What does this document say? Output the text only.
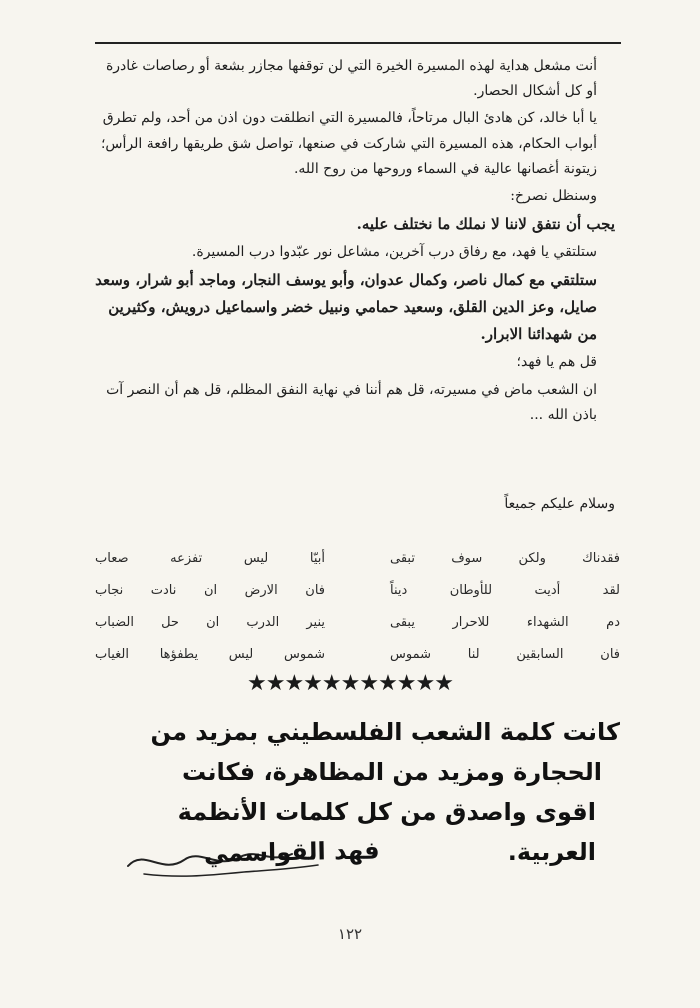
أنت مشعل هداية لهذه المسيرة الخيرة التي لن توقفها مجازر بشعة أو رصاصات غادرة أو كل أشكال الحصار.

يا أبا خالد، كن هادئ البال مرتاحاً، فالمسيرة التي انطلقت دون اذن من أحد، ولم تطرق أبواب الحكام، هذه المسيرة التي شاركت في صنعها، تواصل شق طريقها رافعة الرأس؛ زيتونة أغصانها عالية في السماء وروحها من روح الله.

وسنظل نصرخ:

يجب أن نتفق لاننا لا نملك ما نختلف عليه.

ستلتقي يا فهد، مع رفاق درب آخرين، مشاعل نور عبّدوا درب المسيرة.

ستلتقي مع كمال ناصر، وكمال عدوان، وأبو يوسف النجار، وماجد أبو شرار، وسعد صايل، وعز الدين القلق، وسعيد حمامي ونبيل خضر واسماعيل درويش، وكثيرين من شهدائنا الابرار.

قل هم يا فهد؛

ان الشعب ماض في مسيرته، قل هم أننا في نهاية النفق المظلم، قل هم أن النصر آت باذن الله ...

وسلام عليكم جميعاً
فقدناك ولكن سوف تبقى
أبيّا ليس تفزعه صعاب
لقد أديت للأوطان ديناً
فان الارض ان نادت نجاب
دم الشهداء للاحرار يبقى
ينير الدرب ان حل الضباب
فان السابقين لنا شموس
شموس ليس يطفؤها الغياب
★★★★★★★★★★★
كانت كلمة الشعب الفلسطيني بمزيد من
الحجارة ومزيد من المظاهرة، فكانت
اقوى واصدق من كل كلمات الأنظمة العربية.
فهد القواسمي
١٢٢
